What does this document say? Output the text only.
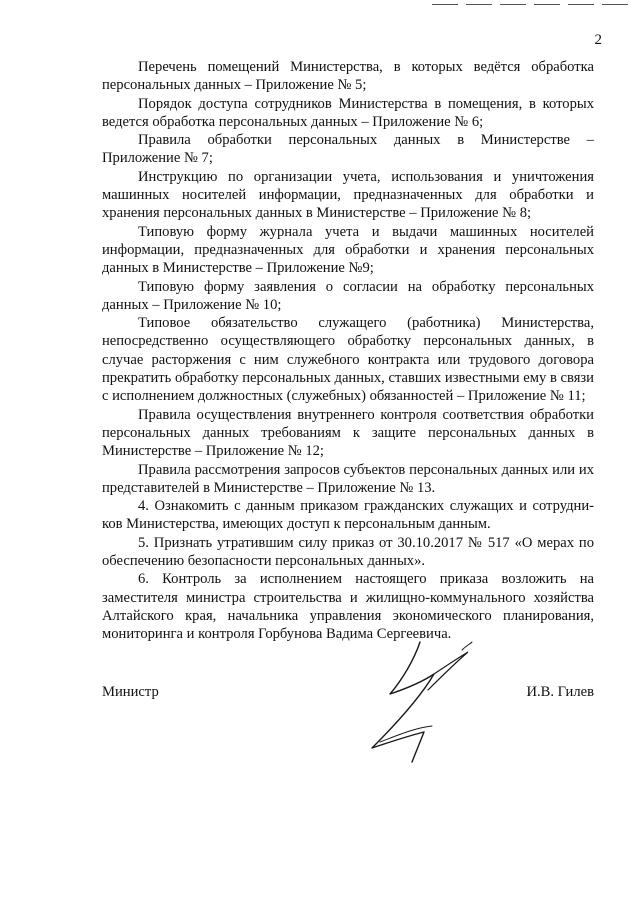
2

Перечень помещений Министерства, в которых ведётся обработка персональных данных – Приложение № 5;

Порядок доступа сотрудников Министерства в помещения, в которых ведется обработка персональных данных – Приложение № 6;

Правила обработки персональных данных в Министерстве – Приложение № 7;

Инструкцию по организации учета, использования и уничтожения машинных носителей информации, предназначенных для обработки и хранения персональных данных в Министерстве – Приложение № 8;

Типовую форму журнала учета и выдачи машинных носителей информации, предназначенных для обработки и хранения персональных данных в Министерстве – Приложение №9;

Типовую форму заявления о согласии на обработку персональных данных – Приложение № 10;

Типовое обязательство служащего (работника) Министерства, непосредственно осуществляющего обработку персональных данных, в случае расторжения с ним служебного контракта или трудового договора прекратить обработку персональных данных, ставших известными ему в связи с исполнением должностных (служебных) обязанностей – Приложение № 11;

Правила осуществления внутреннего контроля соответствия обработки персональных данных требованиям к защите персональных данных в Министерстве – Приложение № 12;

Правила рассмотрения запросов субъектов персональных данных или их представителей в Министерстве – Приложение № 13.

4. Ознакомить с данным приказом гражданских служащих и сотрудни-ков Министерства, имеющих доступ к персональным данным.

5. Признать утратившим силу приказ от 30.10.2017 № 517 «О мерах по обеспечению безопасности персональных данных».

6. Контроль за исполнением настоящего приказа возложить на заместителя министра строительства и жилищно-коммунального хозяйства Алтайского края, начальника управления экономического планирования, мониторинга и контроля Горбунова Вадима Сергеевича.

Министр	И.В. Гилев
